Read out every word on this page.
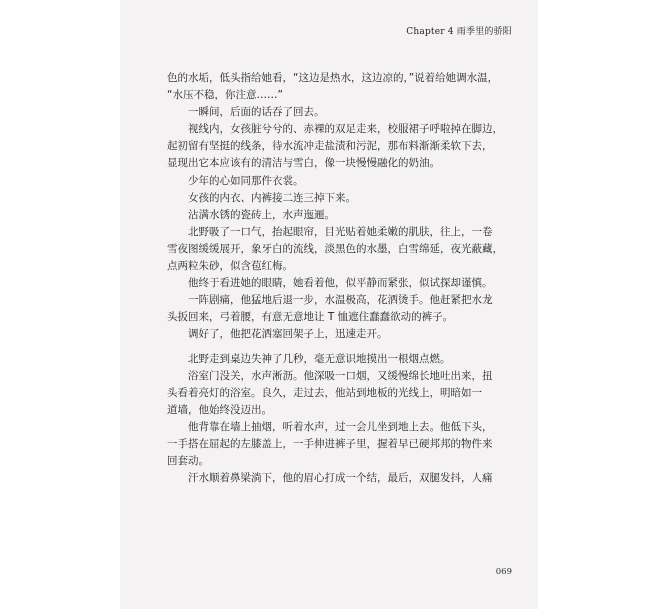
Chapter 4 雨季里的骄阳
色的水垢，低头指给她看，“这边是热水，这边凉的，”说着给她调水温，
“水压不稳，你注意……”
一瞬间，后面的话吞了回去。
视线内，女孩脏兮兮的、赤裸的双足走来，校服裙子呼啦掉在脚边，
起初留有坚挺的线条，待水流冲走盐渍和污泥，那布料渐渐柔软下去，
显现出它本应该有的清洁与雪白，像一块慢慢融化的奶油。
少年的心如同那件衣裳。
女孩的内衣、内裤接二连三掉下来。
沾满水锈的瓷砖上，水声迤逦。
北野吸了一口气，抬起眼帘，目光贴着她柔嫩的肌肤，往上，一卷
雪夜图缓缓展开，象牙白的流线，淡黑色的水墨，白雪绵延，夜光蔽藏，
点两粒朱砂，似含苞红梅。
他终于看进她的眼睛，她看着他，似平静而紧张，似试探却谨慎。
一阵剧痛，他猛地后退一步，水温极高，花洒烫手。他赶紧把水龙
头扳回来，弓着腰，有意无意地让 T 恤遮住蠢蠢欲动的裤子。
调好了，他把花洒塞回架子上，迅速走开。
北野走到桌边失神了几秒，毫无意识地摸出一根烟点燃。
浴室门没关，水声淅沥。他深吸一口烟，又缓慢绵长地吐出来，扭
头看着亮灯的浴室。良久，走过去，他站到地板的光线上，明暗如一
道墙，他始终没迈出。
他背靠在墙上抽烟，听着水声，过一会儿坐到地上去。他低下头，
一手搭在屈起的左膝盖上，一手伸进裤子里，握着早已硬邦邦的物件来
回套动。
汗水顺着鼻梁淌下，他的眉心打成一个结，最后，双腿发抖，人痛
069
